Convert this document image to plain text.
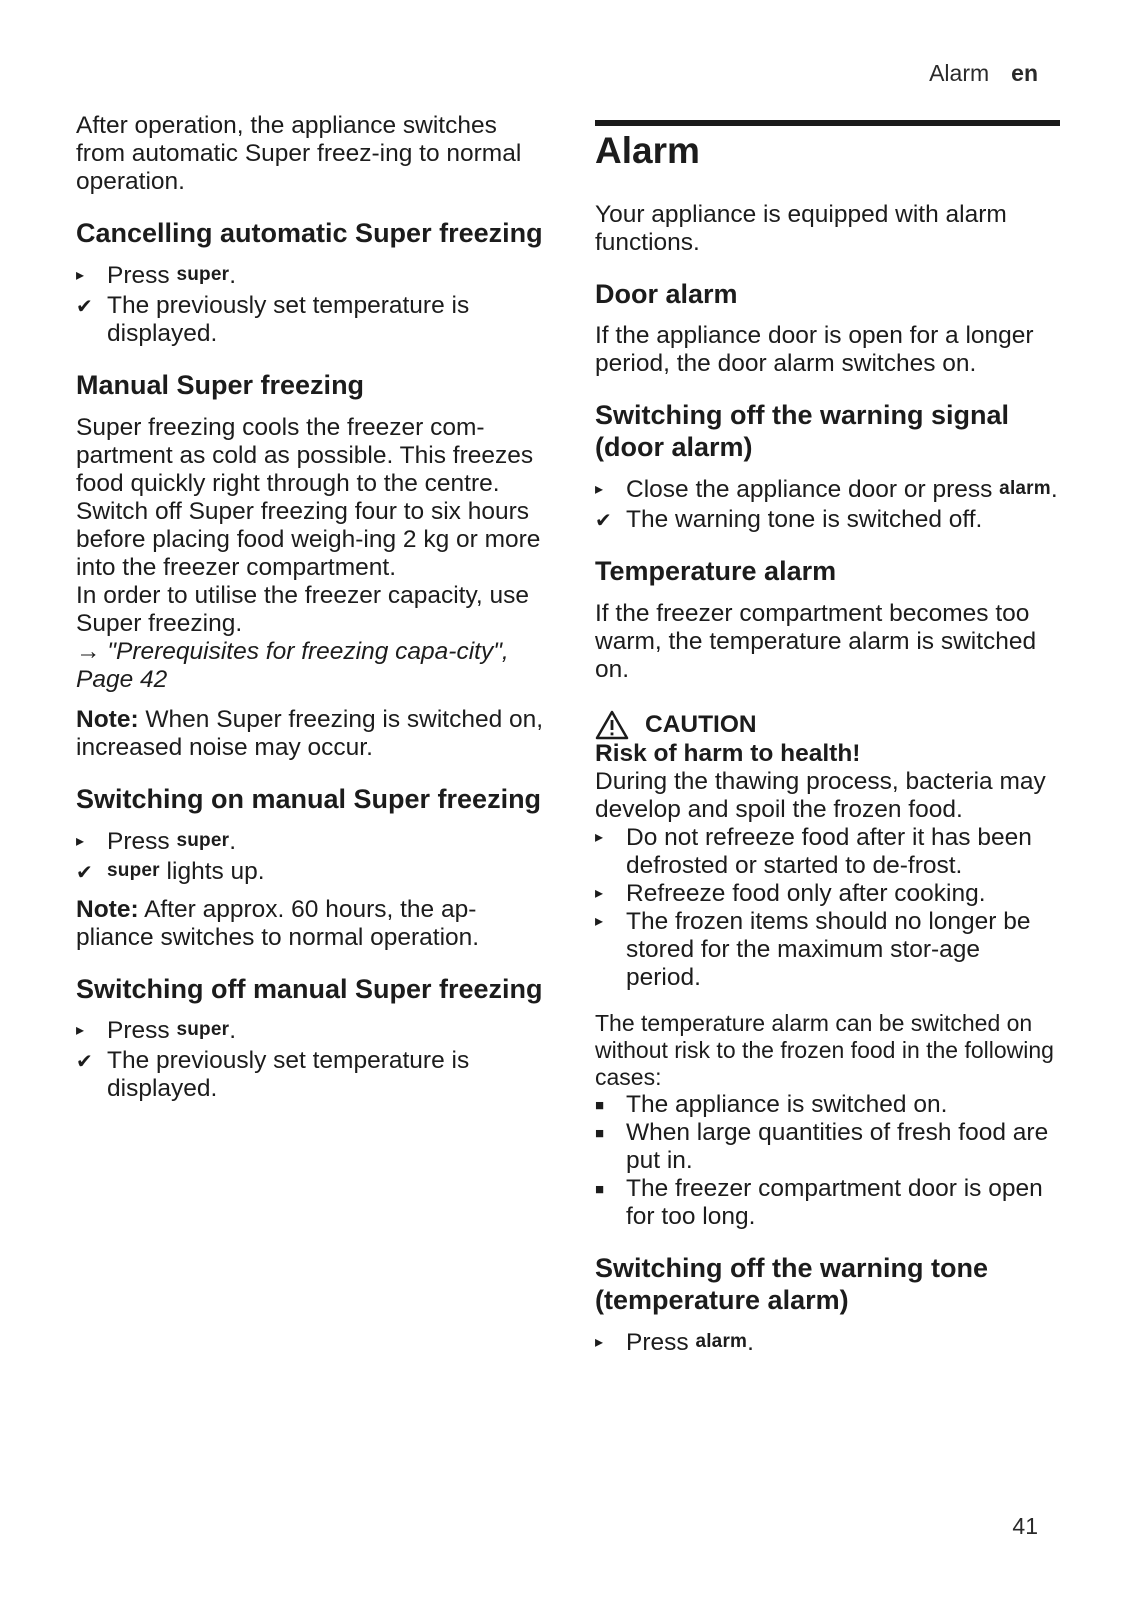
Alarm en

After operation, the appliance switches from automatic Super freez-ing to normal operation.

Cancelling automatic Super freezing
▸ Press super.
✔ The previously set temperature is displayed.
Manual Super freezing

Super freezing cools the freezer com-partment as cold as possible. This freezes food quickly right through to the centre.

Switch off Super freezing four to six hours before placing food weigh-ing 2 kg or more into the freezer compartment.

In order to utilise the freezer capacity, use Super freezing.

→ "Prerequisites for freezing capa-city", Page 42

Note: When Super freezing is switched on, increased noise may occur.

Switching on manual Super freezing
▸ Press super.
✔ super lights up.

Note: After approx. 60 hours, the ap-pliance switches to normal operation.

Switching off manual Super freezing
▸ Press super.
✔ The previously set temperature is displayed.
Alarm

Your appliance is equipped with alarm functions.

Door alarm

If the appliance door is open for a longer period, the door alarm switches on.

Switching off the warning signal (door alarm)
▸ Close the appliance door or press alarm.
✔ The warning tone is switched off.
Temperature alarm

If the freezer compartment becomes too warm, the temperature alarm is switched on.

CAUTION
Risk of harm to health!

During the thawing process, bacteria may develop and spoil the frozen food.

▸ Do not refreeze food after it has been defrosted or started to de-frost.
▸ Refreeze food only after cooking.
▸ The frozen items should no longer be stored for the maximum stor-age period.

The temperature alarm can be switched on without risk to the frozen food in the following cases:

■ The appliance is switched on.
■ When large quantities of fresh food are put in.
■ The freezer compartment door is open for too long.
Switching off the warning tone (temperature alarm)
▸ Press alarm.
41
